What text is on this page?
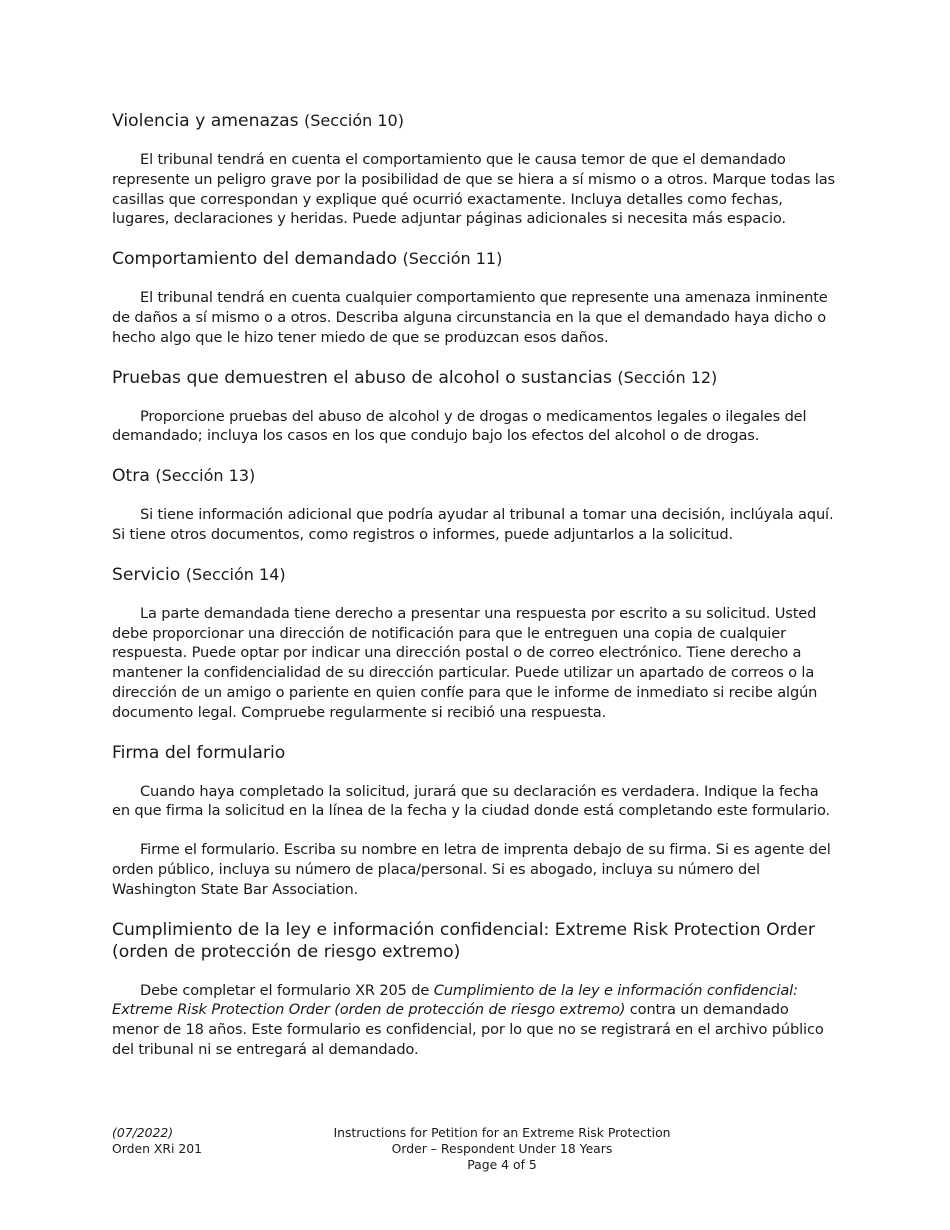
Violencia y amenazas (Sección 10)

El tribunal tendrá en cuenta el comportamiento que le causa temor de que el demandado represente un peligro grave por la posibilidad de que se hiera a sí mismo o a otros. Marque todas las casillas que correspondan y explique qué ocurrió exactamente. Incluya detalles como fechas, lugares, declaraciones y heridas. Puede adjuntar páginas adicionales si necesita más espacio.

Comportamiento del demandado (Sección 11)

El tribunal tendrá en cuenta cualquier comportamiento que represente una amenaza inminente de daños a sí mismo o a otros. Describa alguna circunstancia en la que el demandado haya dicho o hecho algo que le hizo tener miedo de que se produzcan esos daños.

Pruebas que demuestren el abuso de alcohol o sustancias (Sección 12)

Proporcione pruebas del abuso de alcohol y de drogas o medicamentos legales o ilegales del demandado; incluya los casos en los que condujo bajo los efectos del alcohol o de drogas.

Otra (Sección 13)

Si tiene información adicional que podría ayudar al tribunal a tomar una decisión, inclúyala aquí. Si tiene otros documentos, como registros o informes, puede adjuntarlos a la solicitud.

Servicio (Sección 14)

La parte demandada tiene derecho a presentar una respuesta por escrito a su solicitud. Usted debe proporcionar una dirección de notificación para que le entreguen una copia de cualquier respuesta. Puede optar por indicar una dirección postal o de correo electrónico. Tiene derecho a mantener la confidencialidad de su dirección particular. Puede utilizar un apartado de correos o la dirección de un amigo o pariente en quien confíe para que le informe de inmediato si recibe algún documento legal. Compruebe regularmente si recibió una respuesta.

Firma del formulario

Cuando haya completado la solicitud, jurará que su declaración es verdadera. Indique la fecha en que firma la solicitud en la línea de la fecha y la ciudad donde está completando este formulario.

Firme el formulario. Escriba su nombre en letra de imprenta debajo de su firma. Si es agente del orden público, incluya su número de placa/personal. Si es abogado, incluya su número del Washington State Bar Association.

Cumplimiento de la ley e información confidencial: Extreme Risk Protection Order (orden de protección de riesgo extremo)

Debe completar el formulario XR 205 de Cumplimiento de la ley e información confidencial: Extreme Risk Protection Order (orden de protección de riesgo extremo) contra un demandado menor de 18 años. Este formulario es confidencial, por lo que no se registrará en el archivo público del tribunal ni se entregará al demandado.

(07/2022)
Orden XRi 201
Instructions for Petition for an Extreme Risk Protection
Order – Respondent Under 18 Years
Page 4 of 5
